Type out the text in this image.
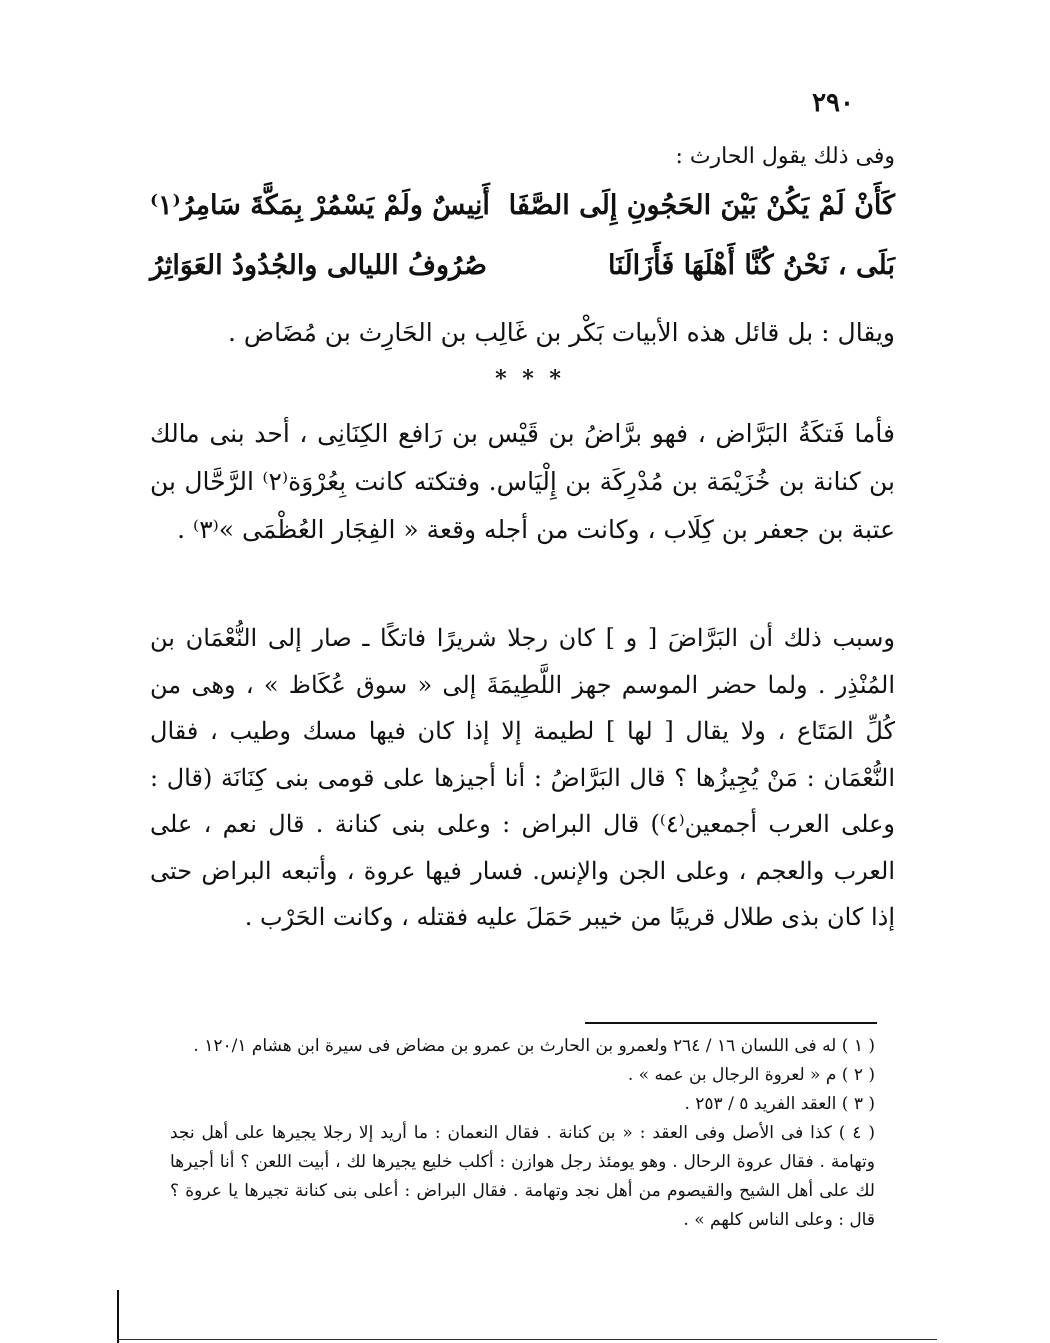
٢٩٠
وفى ذلك يقول الحارث :
كَأَنْ لَمْ يَكُنْ بَيْنَ الحَجُونِ إِلَى الصَّفَا
أَنِيسٌ ولَمْ يَسْمُرْ بِمَكَّةَ سَامِرُ⁽١⁾
بَلَى ، نَحْنُ كُنَّا أَهْلَهَا فَأَزَالَنَا
صُرُوفُ الليالى والجُدُودُ العَوَاثِرُ
ويقال : بل قائل هذه الأبيات بَكْر بن غَالِب بن الحَارِث بن مُضَاض .
* * *
فأما فَتكَةُ البَرَّاض ، فهو برَّاضُ بن قَيْس بن رَافع الكِنَانِى ، أحد بنى مالك بن كنانة بن خُزَيْمَة بن مُدْرِكَة بن إِلْيَاس. وفتكته كانت بِعُرْوَة⁽٢⁾ الرَّحَّال بن عتبة بن جعفر بن كِلَاب ، وكانت من أجله وقعة « الفِجَار العُظْمَى »⁽٣⁾ .
وسبب ذلك أن البَرَّاضَ [ و ] كان رجلا شريرًا فاتكًا ـ صار إلى النُّعْمَان بن المُنْذِر . ولما حضر الموسم جهز اللَّطِيمَةَ إلى « سوق عُكَاظ » ، وهى من كُلِّ المَتَاع ، ولا يقال [ لها ] لطيمة إلا إذا كان فيها مسك وطيب ، فقال النُّعْمَان : مَنْ يُجِيزُها ؟ قال البَرَّاضُ : أنا أجيزها على قومى بنى كِنَانَة (قال : وعلى العرب أجمعين⁽٤⁾) قال البراض : وعلى بنى كنانة . قال نعم ، على العرب والعجم ، وعلى الجن والإنس. فسار فيها عروة ، وأتبعه البراض حتى إذا كان بذى طلال قريبًا من خيبر حَمَلَ عليه فقتله ، وكانت الحَرْب .

( ١ ) له فى اللسان ١٦ / ٢٦٤ ولعمرو بن الحارث بن عمرو بن مضاض فى سيرة ابن هشام ١٢٠/١ .

( ٢ ) م « لعروة الرجال بن عمه » .

( ٣ ) العقد الفريد ٥ / ٢٥٣ .

( ٤ ) كذا فى الأصل وفى العقد : « بن كنانة . فقال النعمان : ما أريد إلا رجلا يجيرها على أهل نجد وتهامة . فقال عروة الرحال . وهو يومئذ رجل هوازن : أكلب خليع يجيرها لك ، أبيت اللعن ؟ أنا أجيرها لك على أهل الشيح والقيصوم من أهل نجد وتهامة . فقال البراض : أعلى بنى كنانة تجيرها يا عروة ؟ قال : وعلى الناس كلهم » .
